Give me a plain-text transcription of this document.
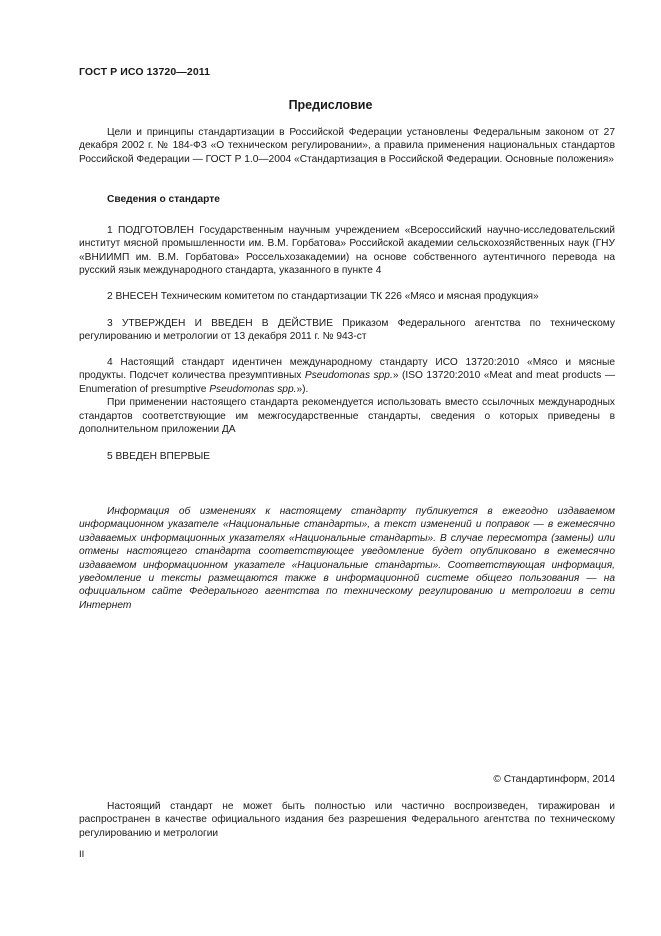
ГОСТ Р ИСО 13720—2011
Предисловие

Цели и принципы стандартизации в Российской Федерации установлены Федеральным законом от 27 декабря 2002 г. № 184-ФЗ «О техническом регулировании», а правила применения национальных стандартов Российской Федерации — ГОСТ Р 1.0—2004 «Стандартизация в Российской Федерации. Основные положения»

Сведения о стандарте

1 ПОДГОТОВЛЕН Государственным научным учреждением «Всероссийский научно-исследовательский институт мясной промышленности им. В.М. Горбатова» Российской академии сельскохозяйственных наук (ГНУ «ВНИИМП им. В.М. Горбатова» Россельхозакадемии) на основе собственного аутентичного перевода на русский язык международного стандарта, указанного в пункте 4

2 ВНЕСЕН Техническим комитетом по стандартизации ТК 226 «Мясо и мясная продукция»

3 УТВЕРЖДЕН И ВВЕДЕН В ДЕЙСТВИЕ Приказом Федерального агентства по техническому регулированию и метрологии от 13 декабря 2011 г. № 943-ст

4 Настоящий стандарт идентичен международному стандарту ИСО 13720:2010 «Мясо и мясные продукты. Подсчет количества презумптивных Pseudomonas spp.» (ISO 13720:2010 «Meat and meat products — Enumeration of presumptive Pseudomonas spp.»).

При применении настоящего стандарта рекомендуется использовать вместо ссылочных международных стандартов соответствующие им межгосударственные стандарты, сведения о которых приведены в дополнительном приложении ДА

5 ВВЕДЕН ВПЕРВЫЕ

Информация об изменениях к настоящему стандарту публикуется в ежегодно издаваемом информационном указателе «Национальные стандарты», а текст изменений и поправок — в ежемесячно издаваемых информационных указателях «Национальные стандарты». В случае пересмотра (замены) или отмены настоящего стандарта соответствующее уведомление будет опубликовано в ежемесячно издаваемом информационном указателе «Национальные стандарты». Соответствующая информация, уведомление и тексты размещаются также в информационной системе общего пользования — на официальном сайте Федерального агентства по техническому регулированию и метрологии в сети Интернет

© Стандартинформ, 2014

Настоящий стандарт не может быть полностью или частично воспроизведен, тиражирован и распространен в качестве официального издания без разрешения Федерального агентства по техническому регулированию и метрологии

II
